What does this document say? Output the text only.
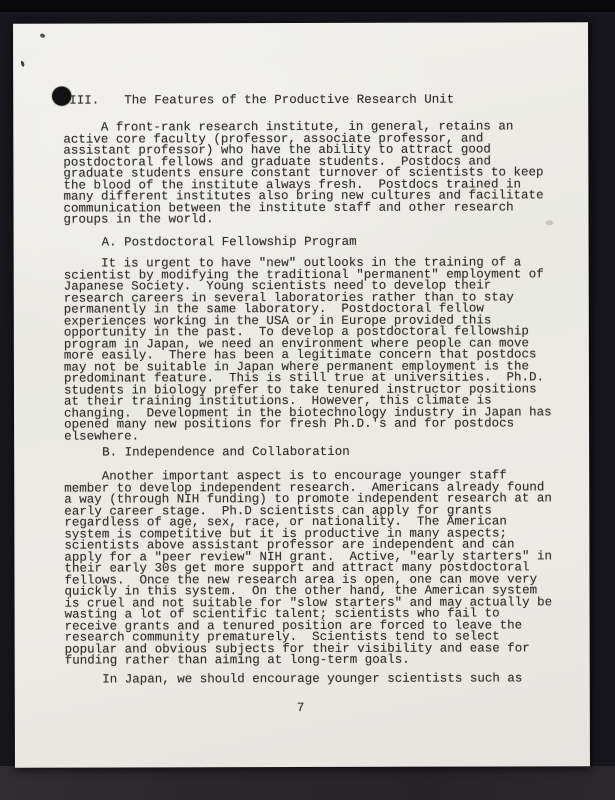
III.

The Features of the Productive Research Unit

A front-rank research institute, in general, retains an
active core faculty (professor, associate professor, and
assistant professor) who have the ability to attract good
postdoctoral fellows and graduate students.  Postdocs and
graduate students ensure constant turnover of scientists to keep
the blood of the institute always fresh.  Postdocs trained in
many different institutes also bring new cultures and facilitate
communication between the institute staff and other research
groups in the world.
A. Postdoctoral Fellowship Program
It is urgent to have "new" outlooks in the training of a
scientist by modifying the traditional "permanent" employment of
Japanese Society.  Young scientists need to develop their
research careers in several laboratories rather than to stay
permanently in the same laboratory.  Postdoctoral fellow
experiences working in the USA or in Europe provided this
opportunity in the past.  To develop a postdoctoral fellowship
program in Japan, we need an environment where people can move
more easily.  There has been a legitimate concern that postdocs
may not be suitable in Japan where permanent employment is the
predominant feature.  This is still true at universities.  Ph.D.
students in biology prefer to take tenured instructor positions
at their training institutions.  However, this climate is
changing.  Development in the biotechnology industry in Japan has
opened many new positions for fresh Ph.D.'s and for postdocs
elsewhere.
B. Independence and Collaboration
Another important aspect is to encourage younger staff
member to develop independent research.  Americans already found
a way (through NIH funding) to promote independent research at an
early career stage.  Ph.D scientists can apply for grants
regardless of age, sex, race, or nationality.  The American
system is competitive but it is productive in many aspects;
scientists above assistant professor are independent and can
apply for a "peer review" NIH grant.  Active, "early starters" in
their early 30s get more support and attract many postdoctoral
fellows.  Once the new research area is open, one can move very
quickly in this system.  On the other hand, the American system
is cruel and not suitable for "slow starters" and may actually be
wasting a lot of scientific talent; scientists who fail to
receive grants and a tenured position are forced to leave the
research community prematurely.  Scientists tend to select
popular and obvious subjects for their visibility and ease for
funding rather than aiming at long-term goals.
In Japan, we should encourage younger scientists such as
7
